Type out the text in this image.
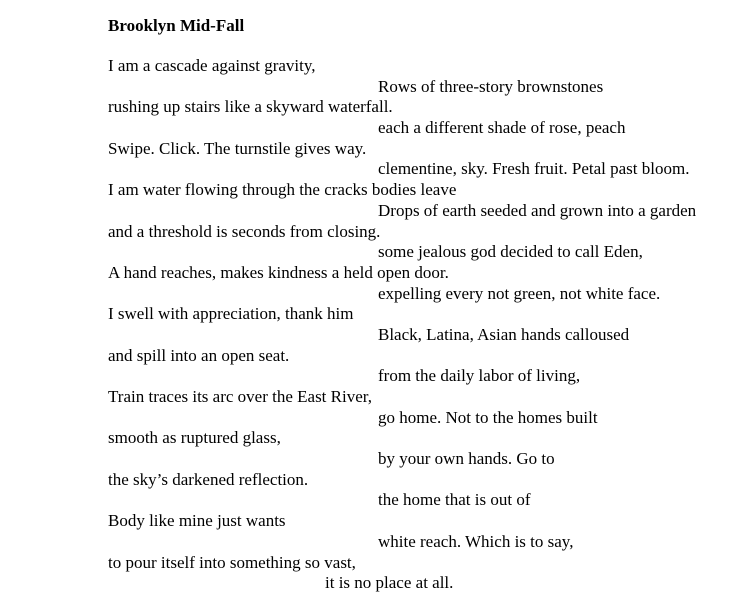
Brooklyn Mid-Fall
I am a cascade against gravity,
Rows of three-story brownstones
rushing up stairs like a skyward waterfall.
each a different shade of rose, peach
Swipe. Click. The turnstile gives way.
clementine, sky. Fresh fruit. Petal past bloom.
I am water flowing through the cracks bodies leave
Drops of earth seeded and grown into a garden
and a threshold is seconds from closing.
some jealous god decided to call Eden,
A hand reaches, makes kindness a held open door.
expelling every not green, not white face.
I swell with appreciation, thank him
Black, Latina, Asian hands calloused
and spill into an open seat.
from the daily labor of living,
Train traces its arc over the East River,
go home. Not to the homes built
smooth as ruptured glass,
by your own hands. Go to
the sky’s darkened reflection.
the home that is out of
Body like mine just wants
white reach. Which is to say,
to pour itself into something so vast,
it is no place at all.
